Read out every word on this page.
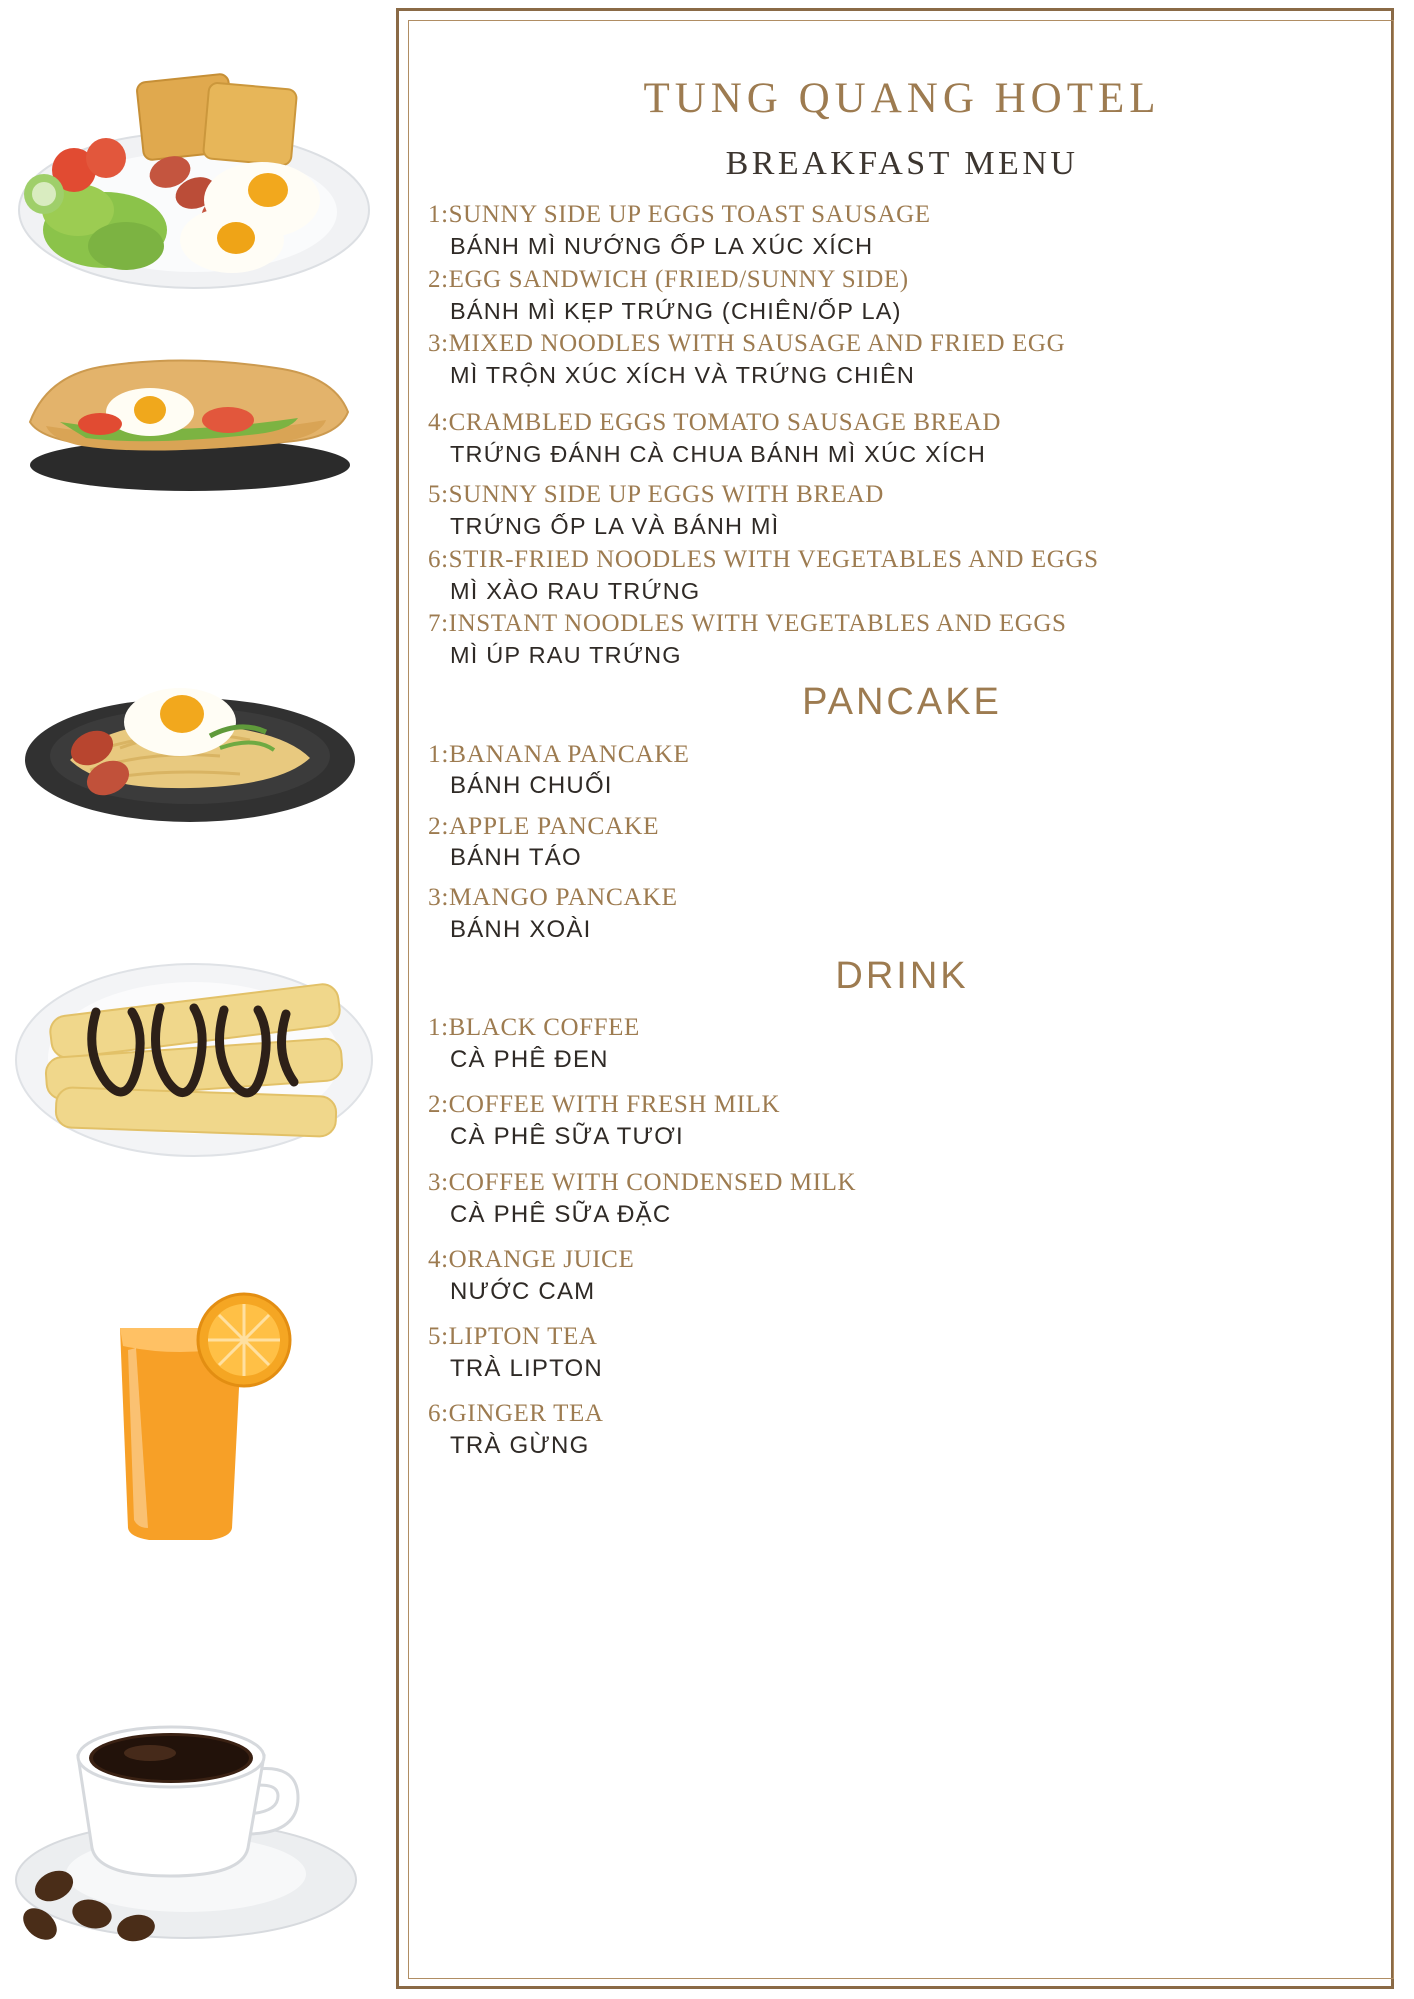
TUNG QUANG HOTEL
BREAKFAST MENU
1:SUNNY SIDE UP EGGS TOAST SAUSAGE
BÁNH MÌ NƯỚNG ỐP LA XÚC XÍCH
2:EGG SANDWICH (FRIED/SUNNY SIDE)
BÁNH MÌ KẸP TRỨNG (CHIÊN/ỐP LA)
3:MIXED NOODLES WITH SAUSAGE AND FRIED EGG
MÌ TRỘN XÚC XÍCH VÀ TRỨNG CHIÊN
4:CRAMBLED EGGS TOMATO SAUSAGE BREAD
TRỨNG ĐÁNH CÀ CHUA BÁNH MÌ XÚC XÍCH
5:SUNNY SIDE UP EGGS WITH BREAD
TRỨNG ỐP LA VÀ BÁNH MÌ
6:STIR-FRIED NOODLES WITH VEGETABLES AND EGGS
MÌ XÀO RAU TRỨNG
7:INSTANT NOODLES WITH VEGETABLES AND EGGS
MÌ ÚP RAU TRỨNG
PANCAKE
1:BANANA PANCAKE
BÁNH CHUỐI
2:APPLE PANCAKE
BÁNH TÁO
3:MANGO PANCAKE
BÁNH XOÀI
DRINK
1:BLACK COFFEE
CÀ PHÊ ĐEN
2:COFFEE WITH FRESH MILK
CÀ PHÊ SỮA TƯƠI
3:COFFEE WITH CONDENSED MILK
CÀ PHÊ SỮA ĐẶC
4:ORANGE JUICE
NƯỚC CAM
5:LIPTON TEA
TRÀ LIPTON
6:GINGER TEA
TRÀ GỪNG
